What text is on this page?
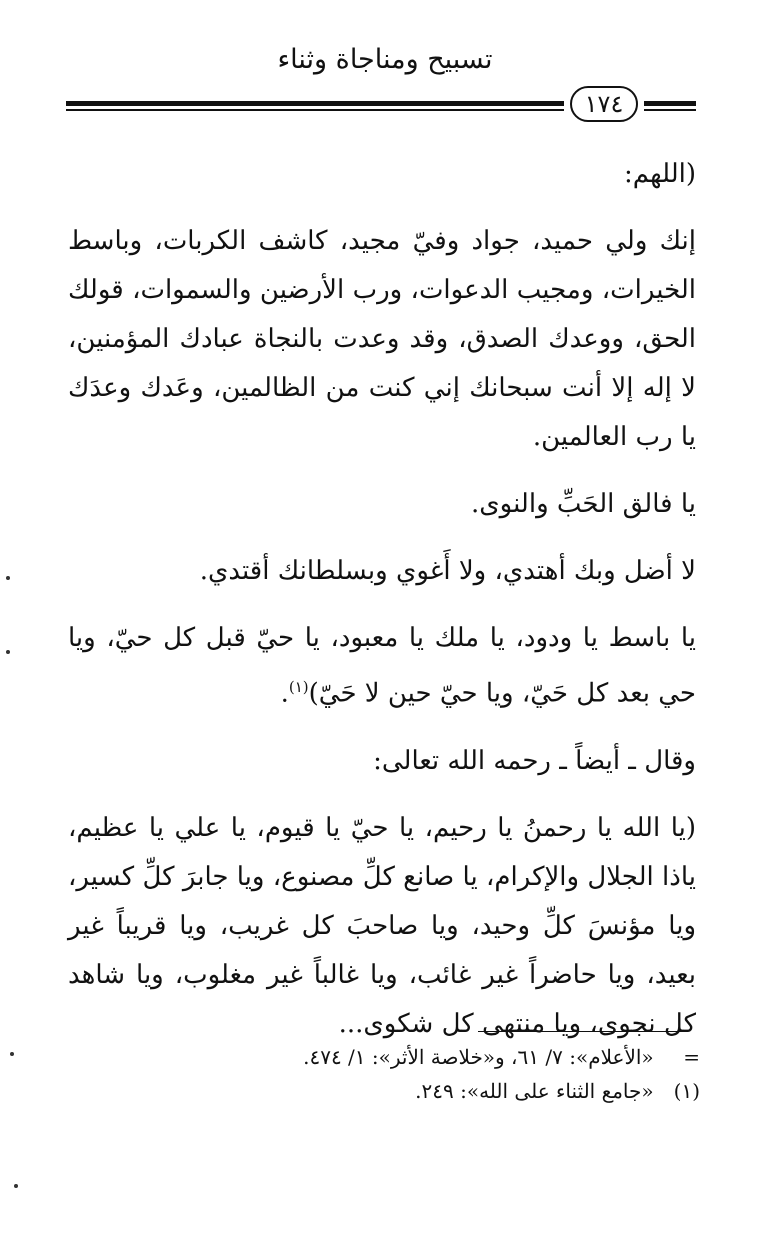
تسبيح ومناجاة وثناء
١٧٤

(اللهم:

إنك ولي حميد، جواد وفيّ مجيد، كاشف الكربات، وباسط الخيرات، ومجيب الدعوات، ورب الأرضين والسموات، قولك الحق، ووعدك الصدق، وقد وعدت بالنجاة عبادك المؤمنين، لا إله إلا أنت سبحانك إني كنت من الظالمين، وعَدك وعدَك يا رب العالمين.

يا فالق الحَبِّ والنوى.

لا أضل وبك أهتدي، ولا أَغوي وبسلطانك أقتدي.

يا باسط يا ودود، يا ملك يا معبود، يا حيّ قبل كل حيّ، ويا حي بعد كل حَيّ، ويا حيّ حين لا حَيّ)$^{(١)}$.

وقال ـ أيضاً ـ رحمه الله تعالى:

(يا الله يا رحمنُ يا رحيم، يا حيّ يا قيوم، يا علي يا عظيم، ياذا الجلال والإكرام، يا صانع كلِّ مصنوع، ويا جابرَ كلِّ كسير، ويا مؤنسَ كلِّ وحيد، ويا صاحبَ كل غريب، ويا قريباً غير بعيد، ويا حاضراً غير غائب، ويا غالباً غير مغلوب، ويا شاهد كل نجوى، ويا منتهى كل شكوى...

= «الأعلام»: ٧/ ٦١، و«خلاصة الأثر»: ١/ ٤٧٤.

(١) «جامع الثناء على الله»: ٢٤٩.
